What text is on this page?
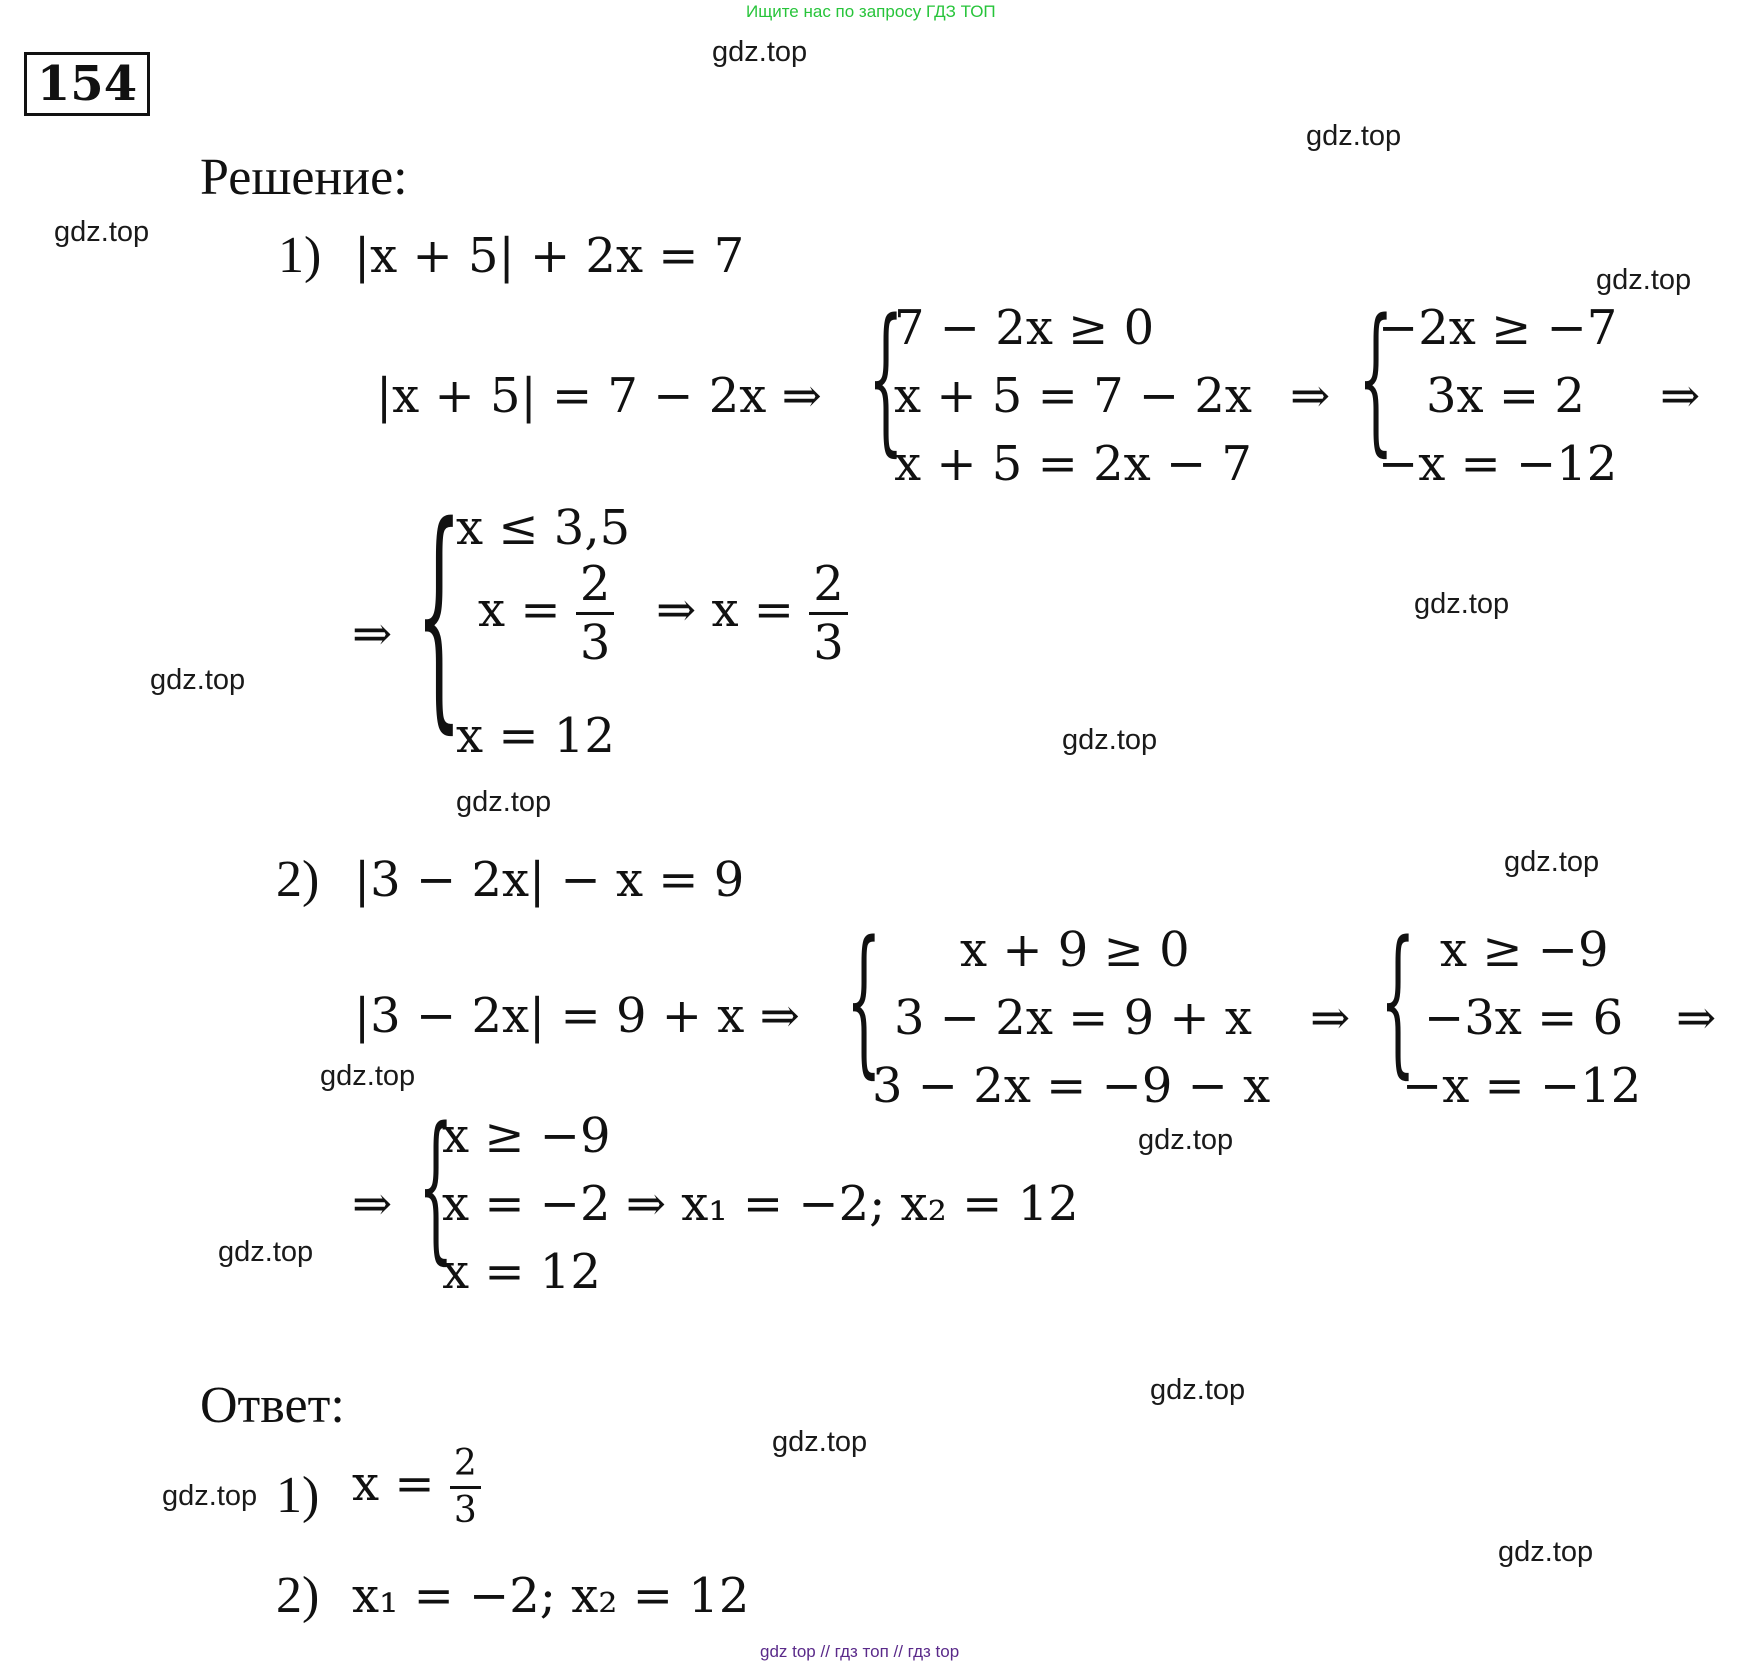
Ищите нас по запросу ГДЗ ТОП
154
Решение:
1) |x + 5| + 2x = 7
|x + 5| = 7 − 2x ⇒ {
7 − 2x ≥ 0
x + 5 = 7 − 2x
x + 5 = 2x − 7
⇒ {
−2x ≥ −7
3x = 2
−x = −12
⇒
⇒ {
x ≤ 3,5
$x = \frac{2}{3}$
x = 12
⇒ $x = \frac{2}{3}$
2) |3 − 2x| − x = 9
|3 − 2x| = 9 + x ⇒ { x + 9 ≥ 0
3 − 2x = 9 + x
3 − 2x = −9 − x
⇒ { x ≥ −9
−3x = 6
−x = −12
⇒
⇒ {
x ≥ −9
x = −2 ⇒ x₁ = −2; x₂ = 12
x = 12
Ответ:
1) $x = \frac{2}{3}$
2) x₁ = −2; x₂ = 12
gdz.top
gdz.top
gdz.top
gdz.top
gdz.top
gdz.top
gdz.top
gdz.top
gdz.top
gdz.top
gdz.top
gdz.top
gdz.top
gdz.top
gdz.top
gdz.top
gdz top // гдз топ // гдз top
